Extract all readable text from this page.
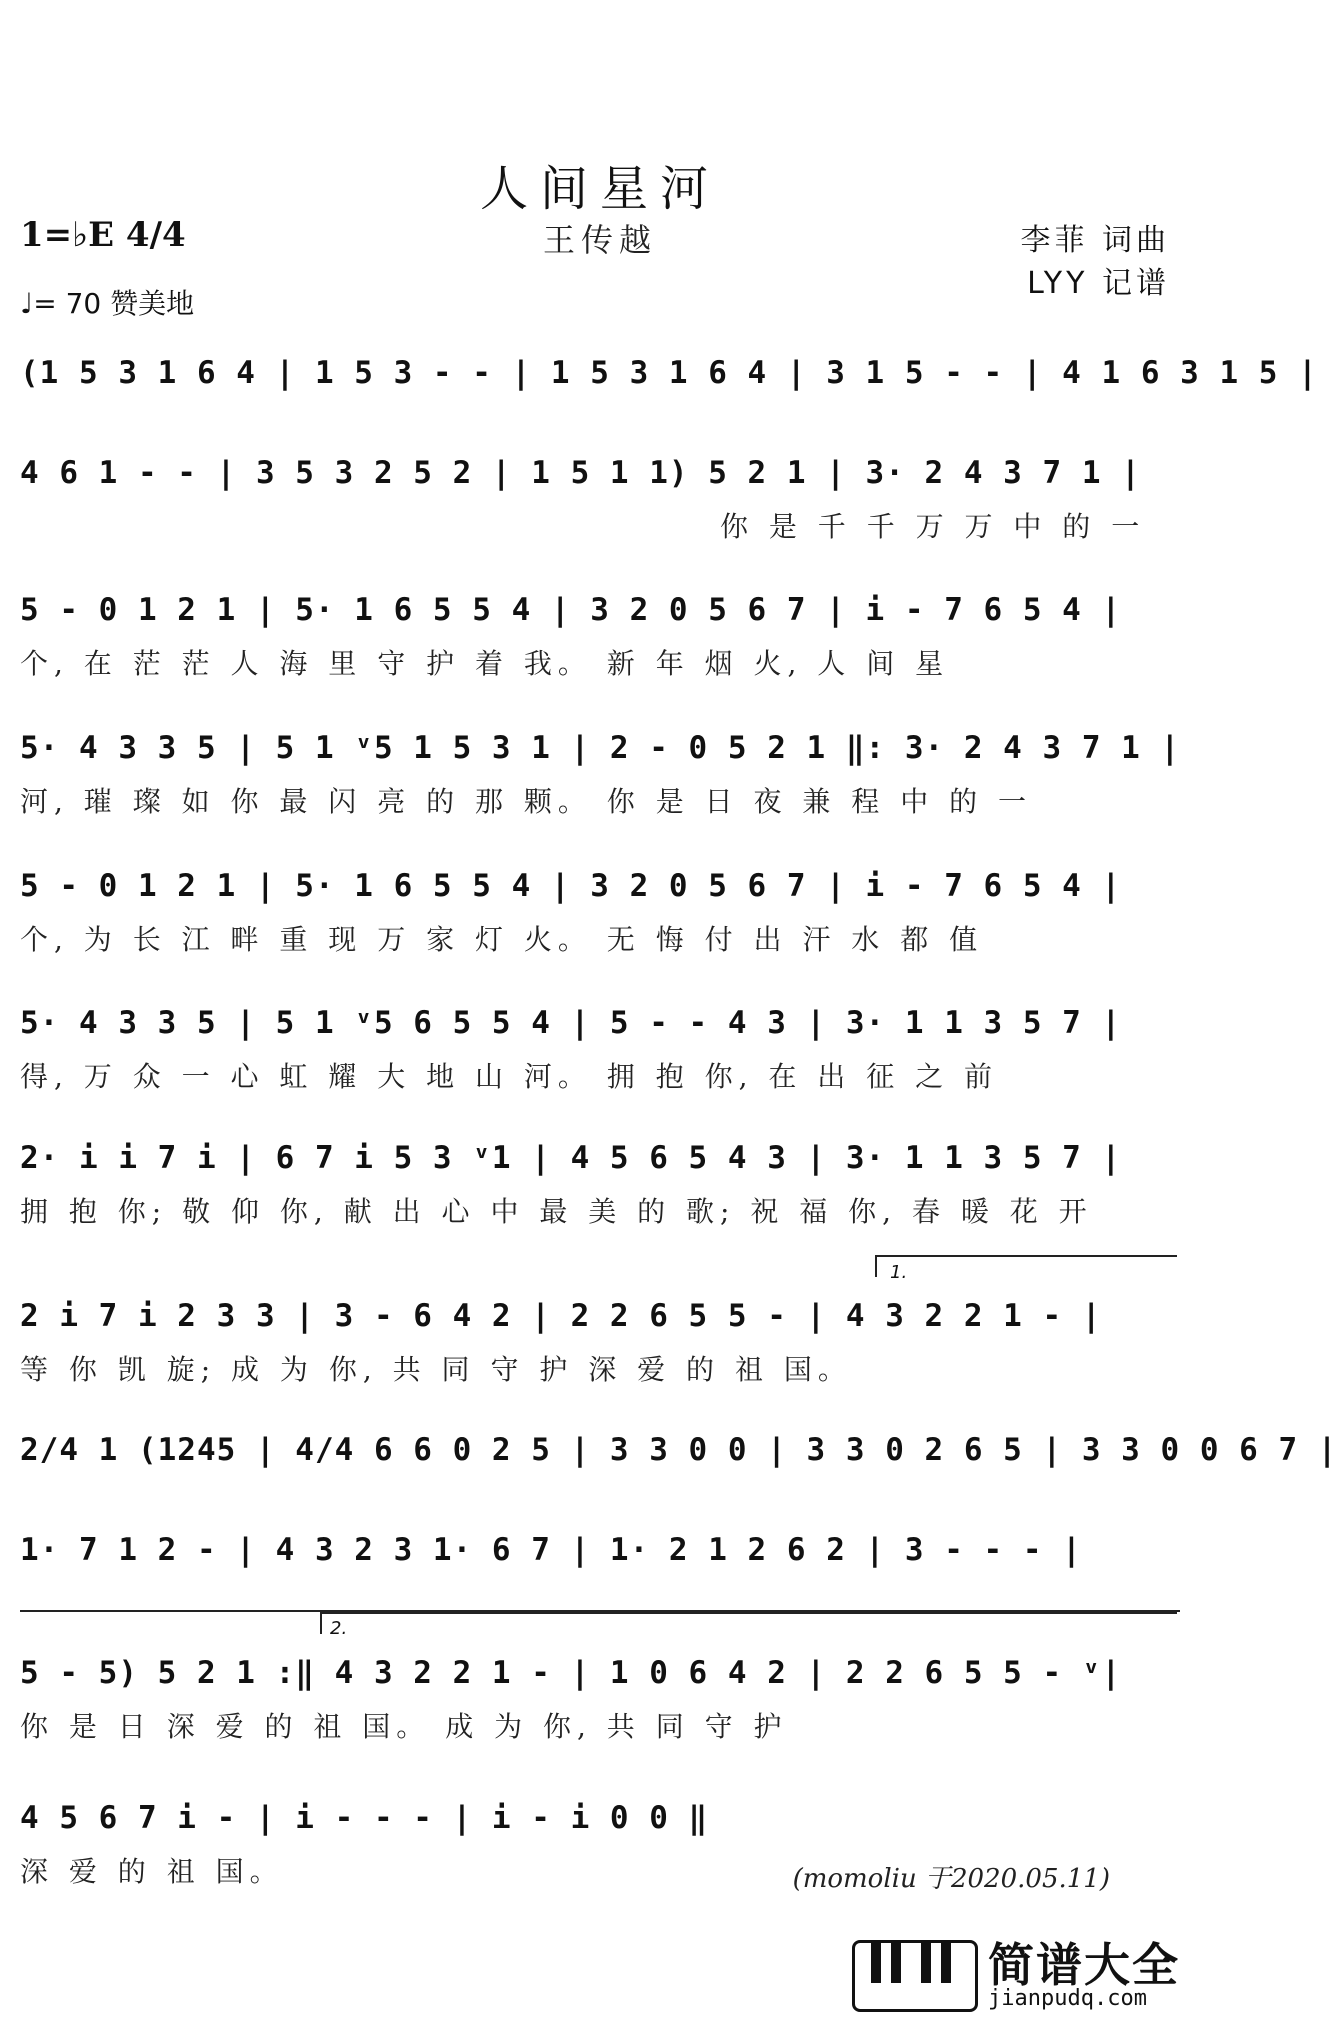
人间星河
王传越
1=♭E 4/4
♩= 70 赞美地
李菲 词曲
LYY 记谱
(1 5 3 1 6 4 | 1 5 3 - - | 1 5 3 1 6 4 | 3 1 5 - - | 4 1 6 3 1 5 |
4 6 1 - - | 3 5 3 2 5 2 | 1 5 1 1) 5 2 1 | 3· 2 4 3 7 1 |
你 是 千 千 万 万 中 的 一
5 - 0 1 2 1 | 5· 1 6 5 5 4 | 3 2 0 5 6 7 | i - 7 6 5 4 |
个, 在 茫 茫 人 海 里 守 护 着 我。 新 年 烟 火, 人 间 星
5· 4 3 3 5 | 5 1 ᵛ5 1 5 3 1 | 2 - 0 5 2 1 ‖: 3· 2 4 3 7 1 |
河, 璀 璨 如 你 最 闪 亮 的 那 颗。 你 是 日 夜 兼 程 中 的 一
5 - 0 1 2 1 | 5· 1 6 5 5 4 | 3 2 0 5 6 7 | i - 7 6 5 4 |
个, 为 长 江 畔 重 现 万 家 灯 火。 无 悔 付 出 汗 水 都 值
5· 4 3 3 5 | 5 1 ᵛ5 6 5 5 4 | 5 - - 4 3 | 3· 1 1 3 5 7 |
得, 万 众 一 心 虹 耀 大 地 山 河。 拥 抱 你, 在 出 征 之 前
2· i i 7 i | 6 7 i 5 3 ᵛ1 | 4 5 6 5 4 3 | 3· 1 1 3 5 7 |
拥 抱 你; 敬 仰 你, 献 出 心 中 最 美 的 歌; 祝 福 你, 春 暖 花 开
1.
2 i 7 i 2 3 3 | 3 - 6 4 2 | 2 2 6 5 5 - | 4 3 2 2 1 - |
等 你 凯 旋; 成 为 你, 共 同 守 护 深 爱 的 祖 国。
2/4 1 (1245 | 4/4 6 6 0 2 5 | 3 3 0 0 | 3 3 0 2 6 5 | 3 3 0 0 6 7 |
1· 7 1 2 - | 4 3 2 3 1· 6 7 | 1· 2 1 2 6 2 | 3 - - - |
2.
5 - 5) 5 2 1 :‖ 4 3 2 2 1 - | 1 0 6 4 2 | 2 2 6 5 5 - ᵛ|
你 是 日 深 爱 的 祖 国。 成 为 你, 共 同 守 护
4 5 6 7 i - | i - - - | i - i 0 0 ‖
深 爱 的 祖 国。	(momoliu 于2020.05.11)
简谱大全
jianpudq.com
